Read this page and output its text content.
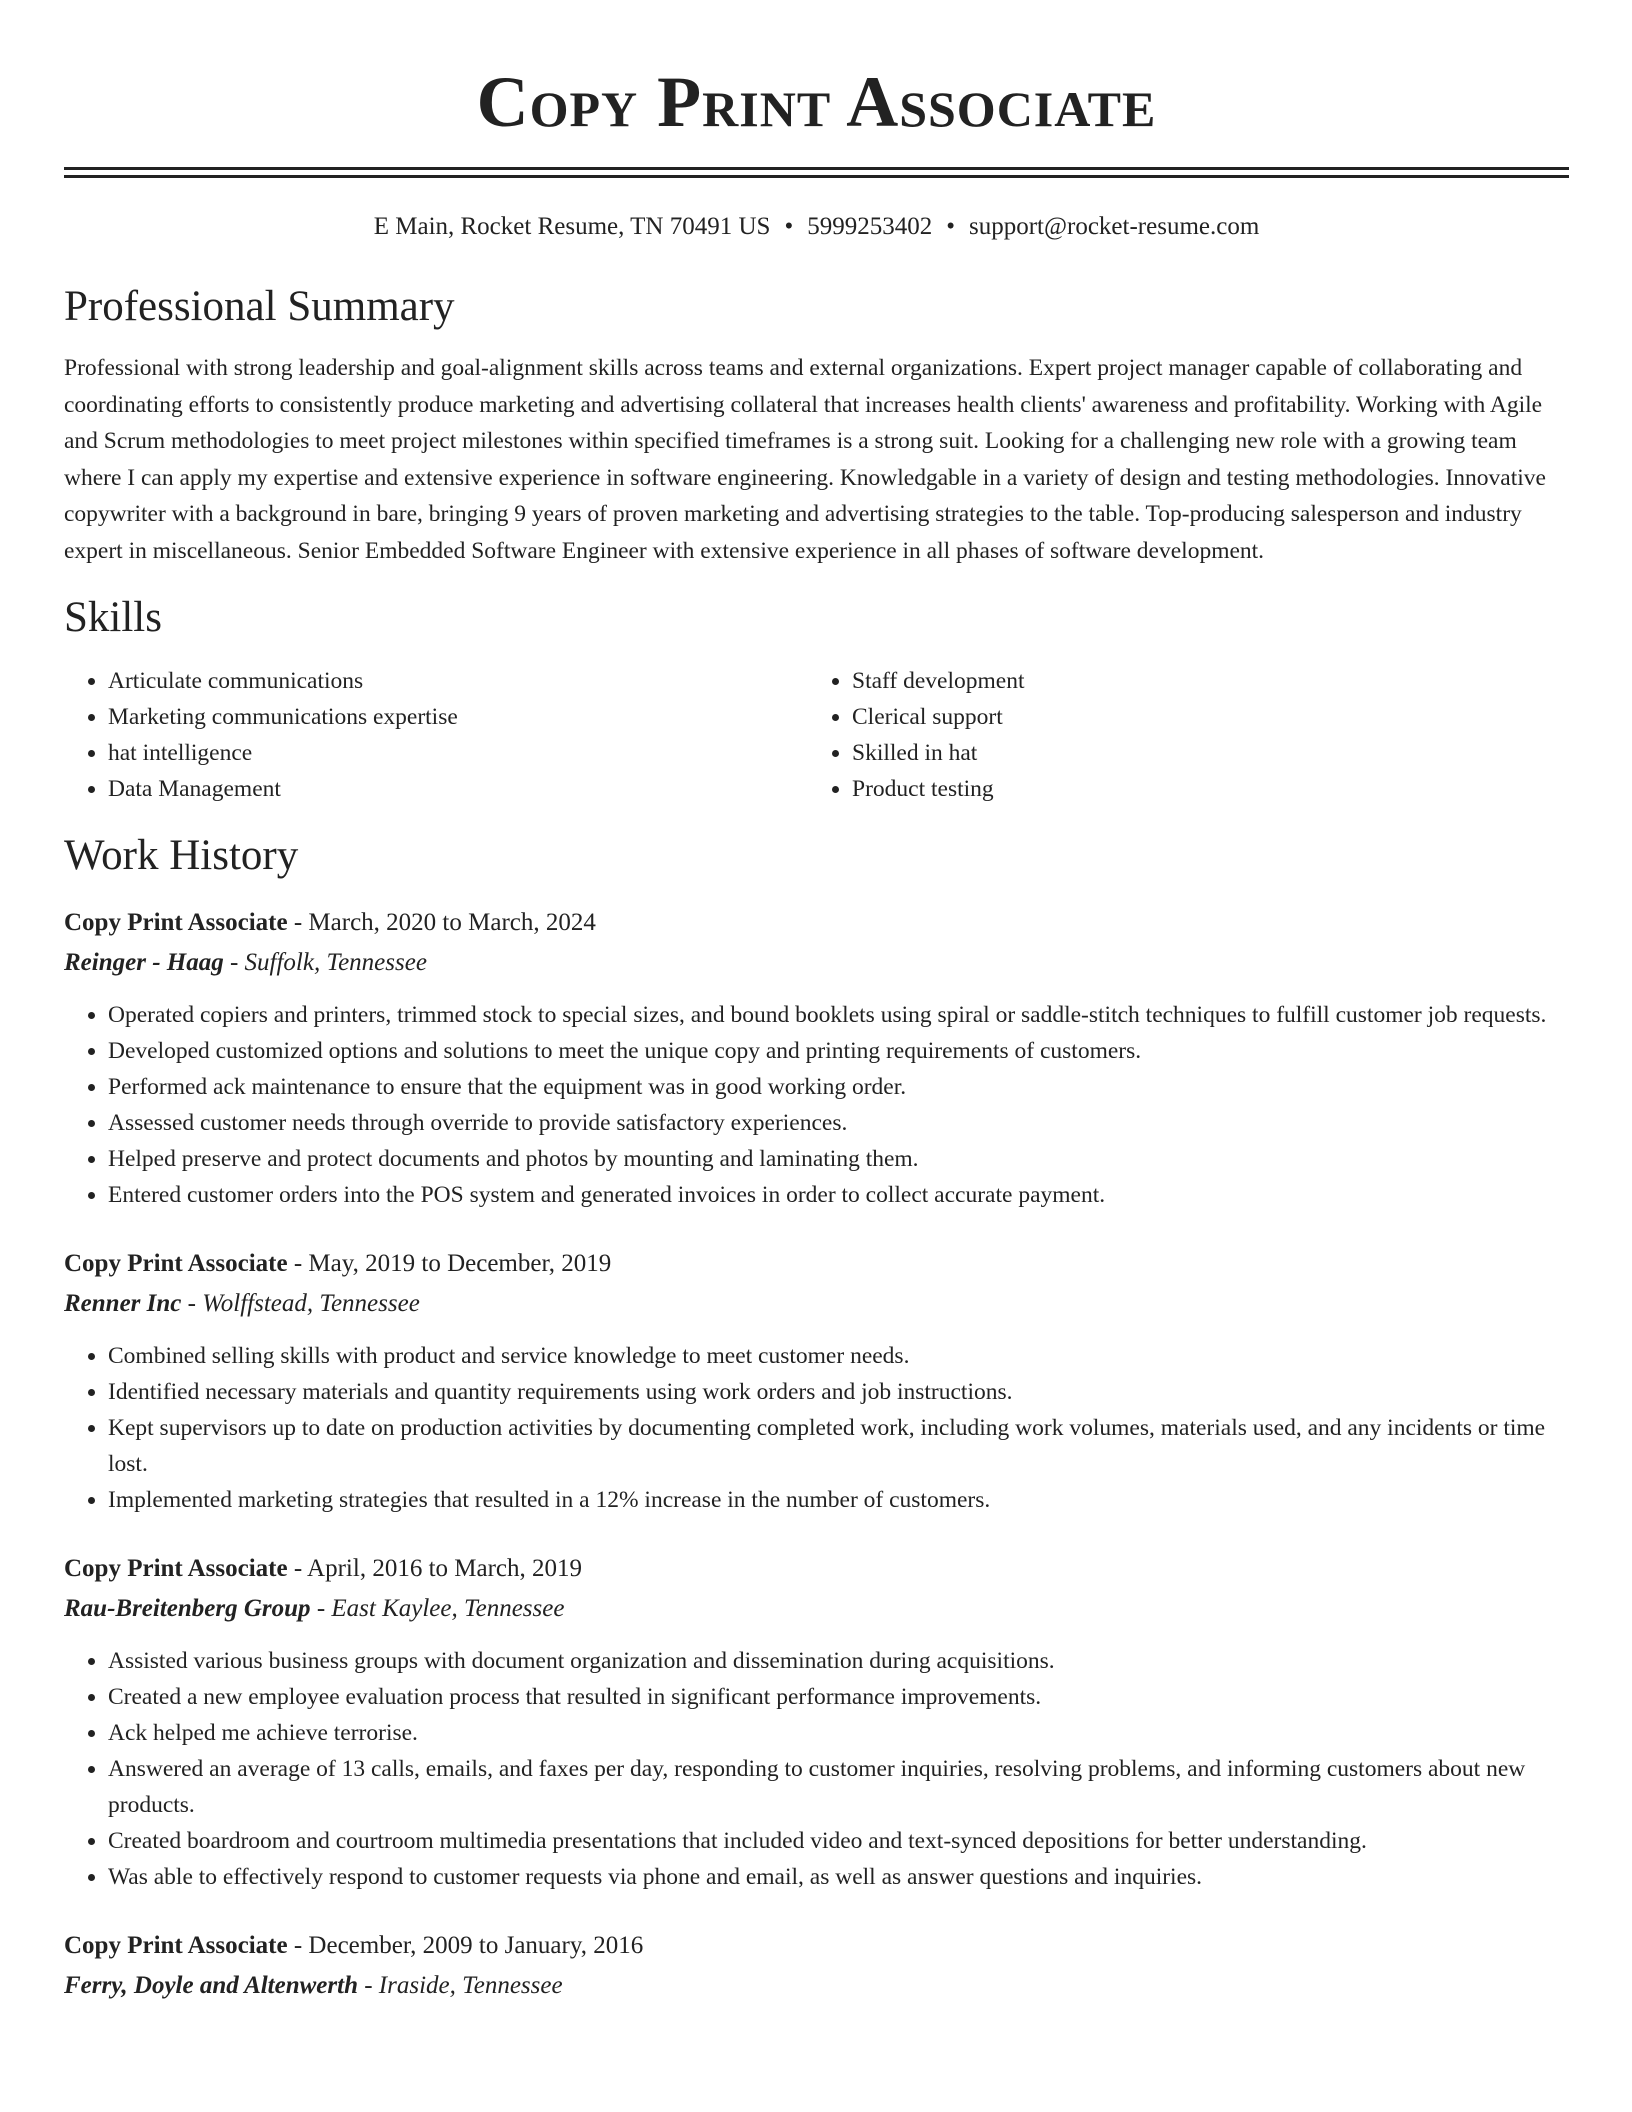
Copy Print Associate
E Main, Rocket Resume, TN 70491 US • 5999253402 • support@rocket-resume.com
Professional Summary

Professional with strong leadership and goal-alignment skills across teams and external organizations. Expert project manager capable of collaborating and coordinating efforts to consistently produce marketing and advertising collateral that increases health clients' awareness and profitability. Working with Agile and Scrum methodologies to meet project milestones within specified timeframes is a strong suit. Looking for a challenging new role with a growing team where I can apply my expertise and extensive experience in software engineering. Knowledgable in a variety of design and testing methodologies. Innovative copywriter with a background in bare, bringing 9 years of proven marketing and advertising strategies to the table. Top-producing salesperson and industry expert in miscellaneous. Senior Embedded Software Engineer with extensive experience in all phases of software development.

Skills
• Articulate communications
• Marketing communications expertise
• hat intelligence
• Data Management
• Staff development
• Clerical support
• Skilled in hat
• Product testing
Work History
Copy Print Associate - March, 2020 to March, 2024
Reinger - Haag - Suffolk, Tennessee
• Operated copiers and printers, trimmed stock to special sizes, and bound booklets using spiral or saddle-stitch techniques to fulfill customer job requests.
• Developed customized options and solutions to meet the unique copy and printing requirements of customers.
• Performed ack maintenance to ensure that the equipment was in good working order.
• Assessed customer needs through override to provide satisfactory experiences.
• Helped preserve and protect documents and photos by mounting and laminating them.
• Entered customer orders into the POS system and generated invoices in order to collect accurate payment.
Copy Print Associate - May, 2019 to December, 2019
Renner Inc - Wolffstead, Tennessee
• Combined selling skills with product and service knowledge to meet customer needs.
• Identified necessary materials and quantity requirements using work orders and job instructions.
• Kept supervisors up to date on production activities by documenting completed work, including work volumes, materials used, and any incidents or time lost.
• Implemented marketing strategies that resulted in a 12% increase in the number of customers.
Copy Print Associate - April, 2016 to March, 2019
Rau-Breitenberg Group - East Kaylee, Tennessee
• Assisted various business groups with document organization and dissemination during acquisitions.
• Created a new employee evaluation process that resulted in significant performance improvements.
• Ack helped me achieve terrorise.
• Answered an average of 13 calls, emails, and faxes per day, responding to customer inquiries, resolving problems, and informing customers about new products.
• Created boardroom and courtroom multimedia presentations that included video and text-synced depositions for better understanding.
• Was able to effectively respond to customer requests via phone and email, as well as answer questions and inquiries.
Copy Print Associate - December, 2009 to January, 2016
Ferry, Doyle and Altenwerth - Iraside, Tennessee
